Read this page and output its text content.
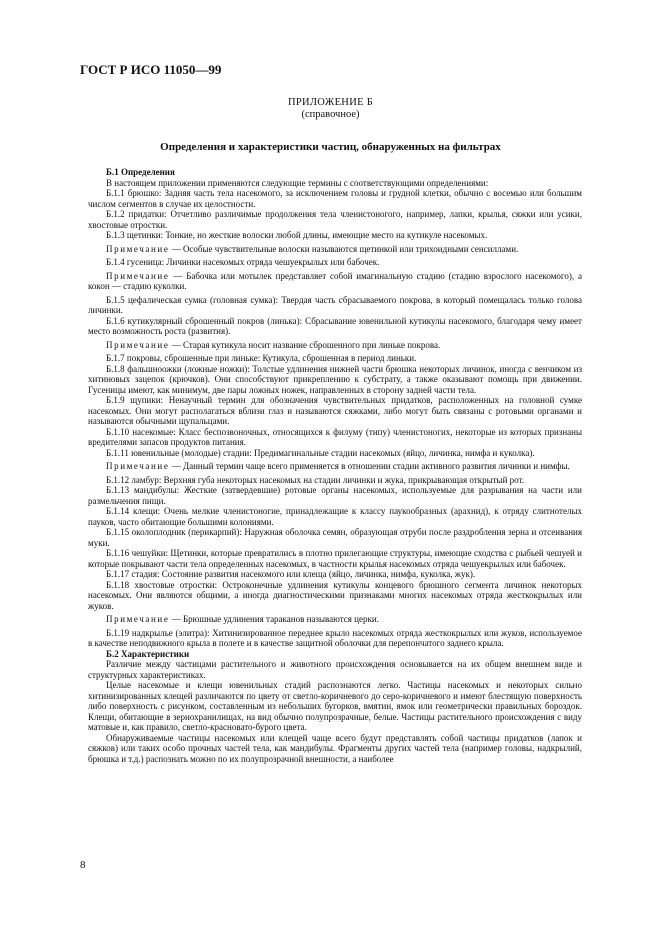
ГОСТ Р ИСО 11050—99
ПРИЛОЖЕНИЕ Б
(справочное)
Определения и характеристики частиц, обнаруженных на фильтрах
Б.1 Определения

В настоящем приложении применяются следующие термины с соответствующими определениями:

Б.1.1 брюшко: Задняя часть тела насекомого, за исключением головы и грудной клетки, обычно с восемью или большим числом сегментов в случае их целостности.

Б.1.2 придатки: Отчетливо различимые продолжения тела членистоногого, например, лапки, крылья, сяжки или усики, хвостовые отростки.

Б.1.3 щетинки: Тонкие, но жесткие волоски любой длины, имеющие место на кутикуле насекомых.

Примечание — Особые чувствительные волоски называются щетинкой или трихоидными сенсиллами.

Б.1.4 гусеница: Личинки насекомых отряда чешуекрылых или бабочек.

Примечание — Бабочка или мотылек представляет собой имагинальную стадию (стадию взрослого насекомого), а кокон — стадию куколки.

Б.1.5 цефалическая сумка (головная сумка): Твердая часть сбрасываемого покрова, в который помещалась только голова личинки.

Б.1.6 кутикулярный сброшенный покров (линька): Сбрасывание ювенильной кутикулы насекомого, благодаря чему имеет место возможность роста (развития).

Примечание — Старая кутикула носит название сброшенного при линьке покрова.

Б.1.7 покровы, сброшенные при линьке: Кутикула, сброшенная в период линьки.

Б.1.8 фальшноожки (ложные ножки): Толстые удлинения нижней части брюшка некоторых личинок, иногда с венчиком из хитиновых зацепок (крючков). Они способствуют прикреплению к субстрату, а также оказывают помощь при движении. Гусеницы имеют, как минимум, две пары ложных ножек, направленных в сторону задней части тела.

Б.1.9 щупики: Ненаучный термин для обозначения чувствительных придатков, расположенных на головной сумке насекомых. Они могут располагаться вблизи глаз и называются сяжками, либо могут быть связаны с ротовыми органами и называются обычными щупальцами.

Б.1.10 насекомые: Класс беспозвоночных, относящихся к филуму (типу) членистоногих, некоторые из которых признаны вредителями запасов продуктов питания.

Б.1.11 ювенильные (молодые) стадии: Предимагинальные стадии насекомых (яйцо, личинка, нимфа и куколка).

Примечание — Данный термин чаще всего применяется в отношении стадии активного развития личинки и нимфы.

Б.1.12 ламбур: Верхняя губа некоторых насекомых на стадии личинки и жука, прикрывающая открытый рот.

Б.1.13 мандибулы: Жесткие (затвердевшие) ротовые органы насекомых, используемые для разрывания на части или размельчения пищи.

Б.1.14 клещи: Очень мелкие членистоногие, принадлежащие к классу паукообразных (арахнид), к отряду слитнотелых пауков, часто обитающие большими колониями.

Б.1.15 околоплодник (перикарпий): Наружная оболочка семян, образующая отруби после раздробления зерна и отсеивания муки.

Б.1.16 чешуйки: Щетинки, которые превратились в плотно прилегающие структуры, имеющие сходства с рыбьей чешуей и которые покрывают части тела определенных насекомых, в частности крылья насекомых отряда чешуекрылых или бабочек.

Б.1.17 стадия: Состояние развития насекомого или клеща (яйцо, личинка, нимфа, куколка, жук).

Б.1.18 хвостовые отростки: Остроконечные удлинения кутикулы концевого брюшного сегмента личинок некоторых насекомых. Они являются общими, а иногда диагностическими признаками многих насекомых отряда жесткокрылых или жуков.

Примечание — Брюшные удлинения тараканов называются церки.

Б.1.19 надкрылье (элитра): Хитинизированное переднее крыло насекомых отряда жесткокрылых или жуков, используемое в качестве неподвижного крыла в полете и в качестве защитной оболочки для перепончатого заднего крыла.

Б.2 Характеристики

Различие между частицами растительного и животного происхождения основывается на их общем внешнем виде и структурных характеристиках.

Целые насекомые и клещи ювенильных стадий распознаются легко. Частицы насекомых и некоторых сильно хитинизированных клещей различаются по цвету от светло-коричневого до серо-коричневого и имеют блестящую поверхность либо поверхность с рисунком, составленным из небольших бугорков, вмятин, ямок или геометрически правильных бороздок. Клещи, обитающие в зернохранилищах, на вид обычно полупрозрачные, белые. Частицы растительного происхождения с виду матовые и, как правило, светло-красновато-бурого цвета.

Обнаруживаемые частицы насекомых или клещей чаще всего будут представлять собой частицы придатков (лапок и сяжков) или таких особо прочных частей тела, как мандибулы. Фрагменты других частей тела (например головы, надкрылий, брюшка и т.д.) распознать можно по их полупрозрачной внешности, а наиболее

8
